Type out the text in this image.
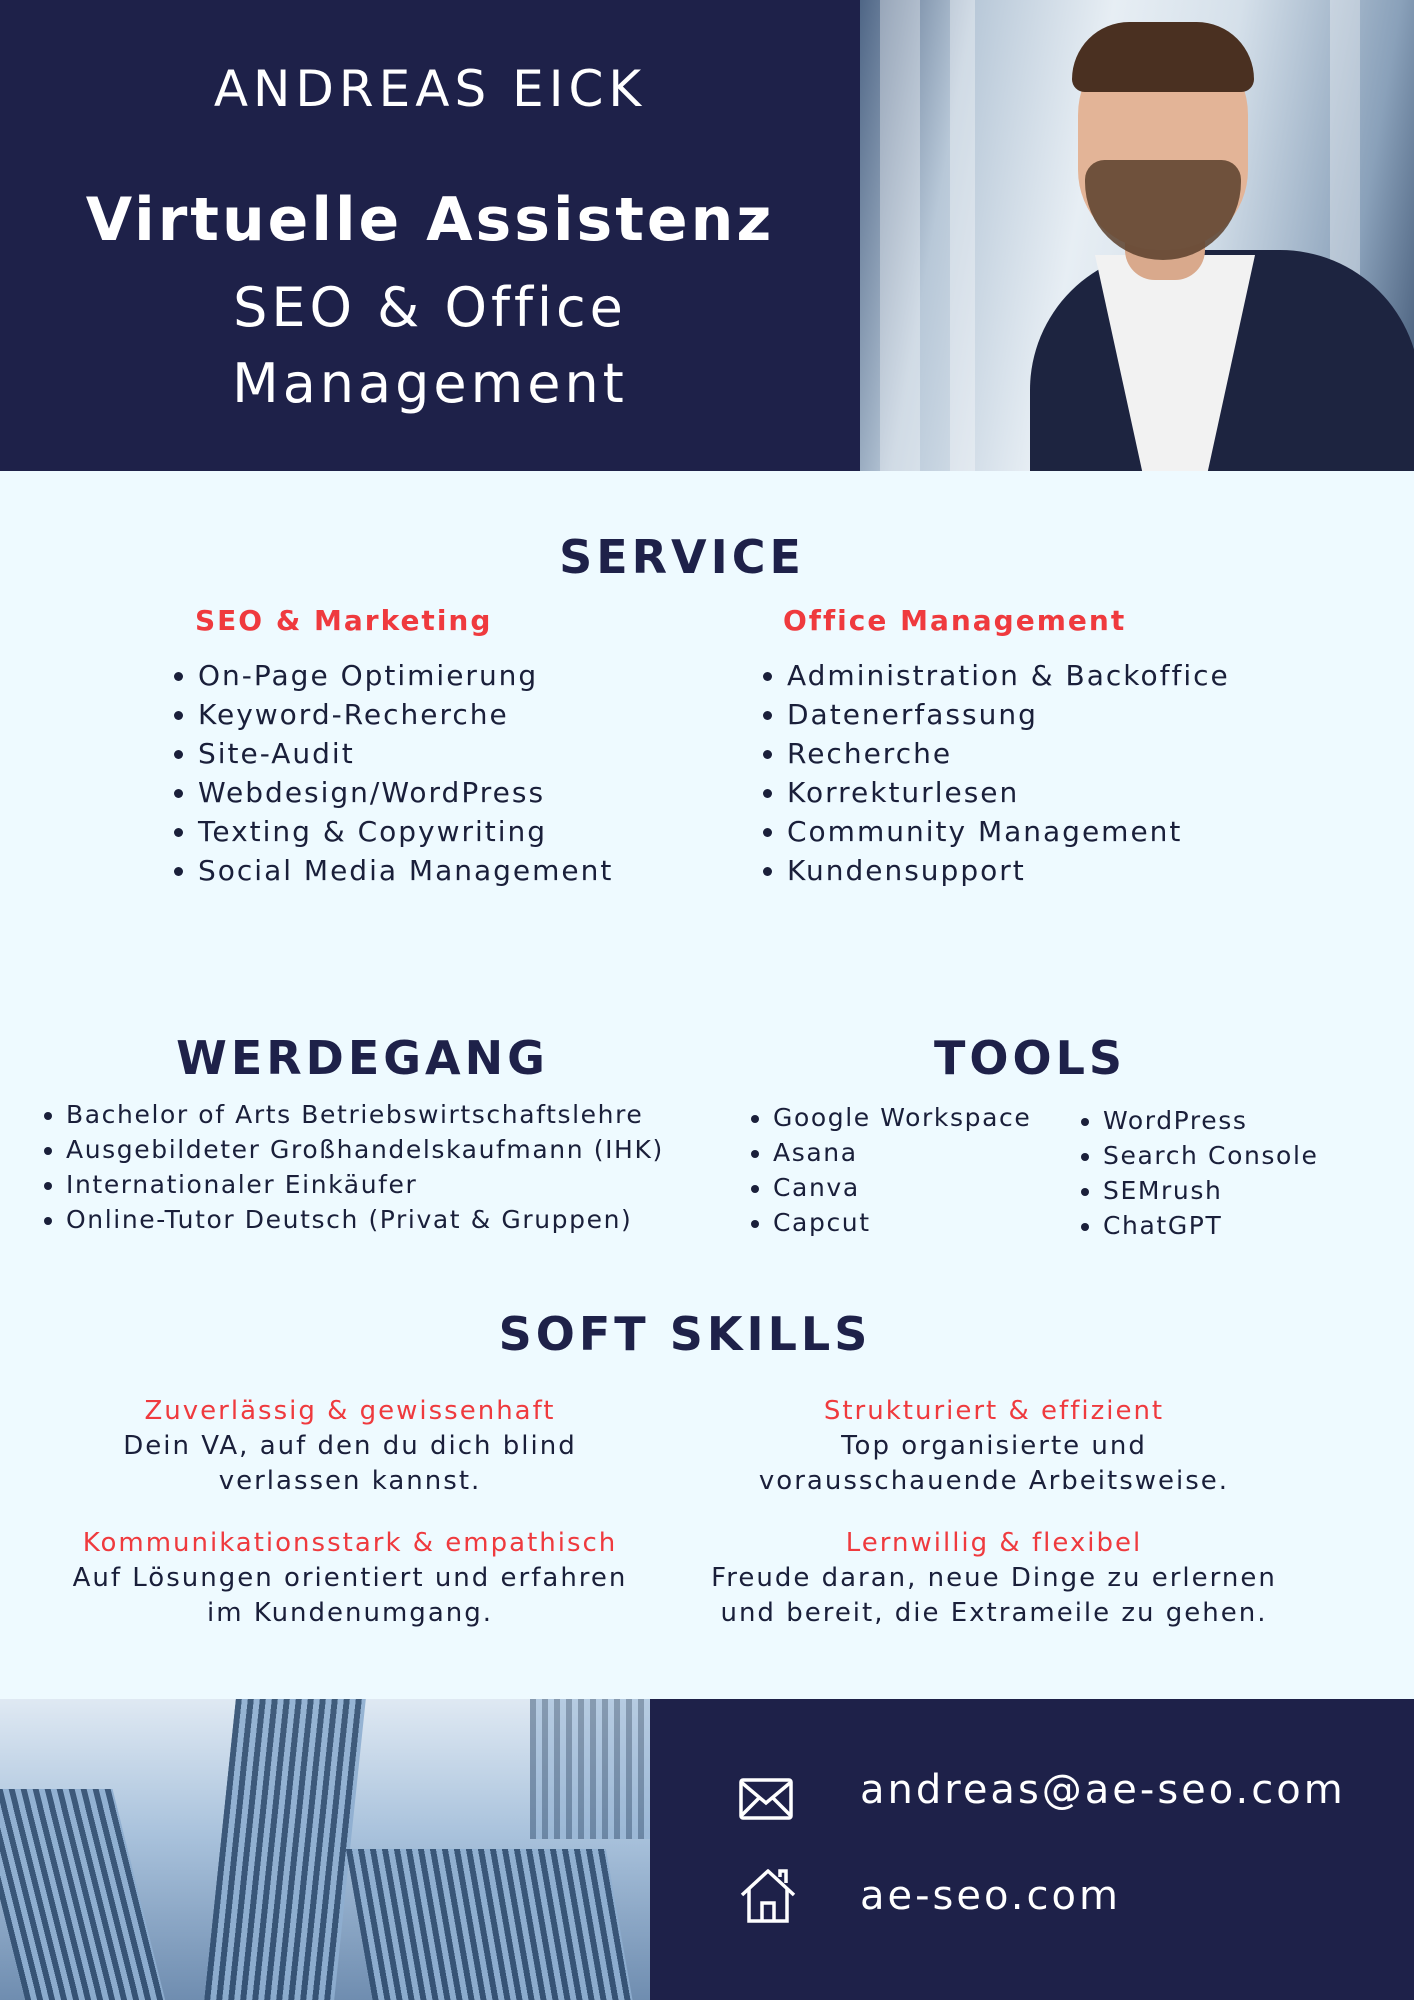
ANDREAS EICK
Virtuelle Assistenz
SEO & Office
Management
SERVICE
SEO & Marketing
• On-Page Optimierung
• Keyword-Recherche
• Site-Audit
• Webdesign/WordPress
• Texting & Copywriting
• Social Media Management
Office Management
• Administration & Backoffice
• Datenerfassung
• Recherche
• Korrekturlesen
• Community Management
• Kundensupport
WERDEGANG
• Bachelor of Arts Betriebswirtschaftslehre
• Ausgebildeter Großhandelskaufmann (IHK)
• Internationaler Einkäufer
• Online-Tutor Deutsch (Privat & Gruppen)
TOOLS
• Google Workspace
• Asana
• Canva
• Capcut
• WordPress
• Search Console
• SEMrush
• ChatGPT
SOFT SKILLS
Zuverlässig & gewissenhaft
Dein VA, auf den du dich blind
verlassen kannst.
Strukturiert & effizient
Top organisierte und
vorausschauende Arbeitsweise.
Kommunikationsstark & empathisch
Auf Lösungen orientiert und erfahren
im Kundenumgang.
Lernwillig & flexibel
Freude daran, neue Dinge zu erlernen
und bereit, die Extrameile zu gehen.
andreas@ae-seo.com
ae-seo.com
